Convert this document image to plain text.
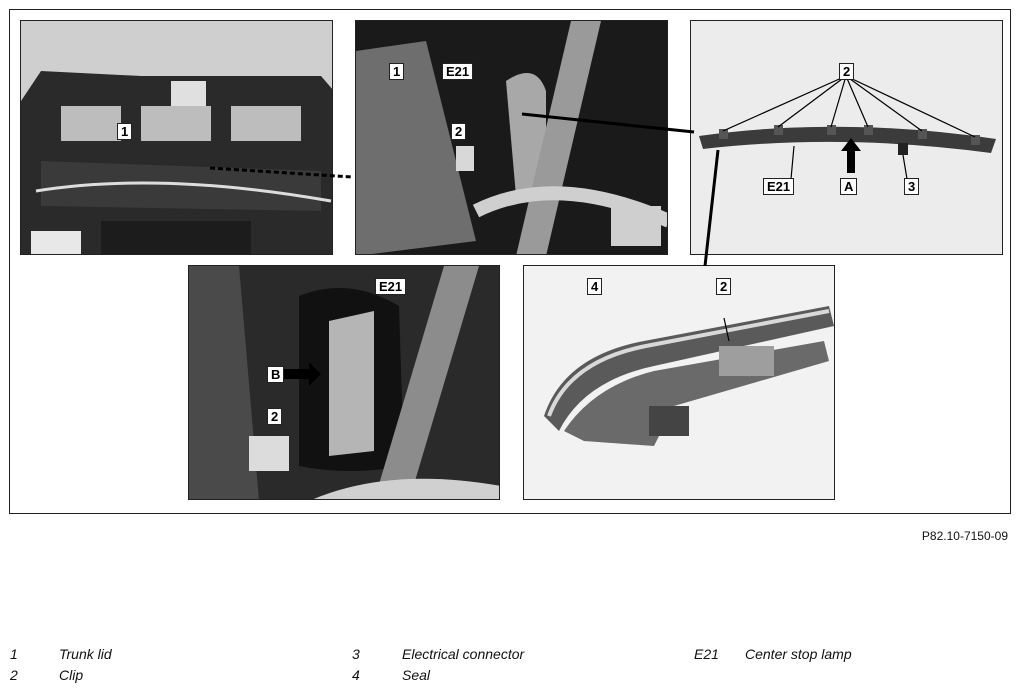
1
1	E21
2
2
E21	A	3
E21
B
2
4	2
P82.10-7150-09
1	Trunk lid
2	Clip
3	Electrical connector
4	Seal
E21 Center stop lamp
